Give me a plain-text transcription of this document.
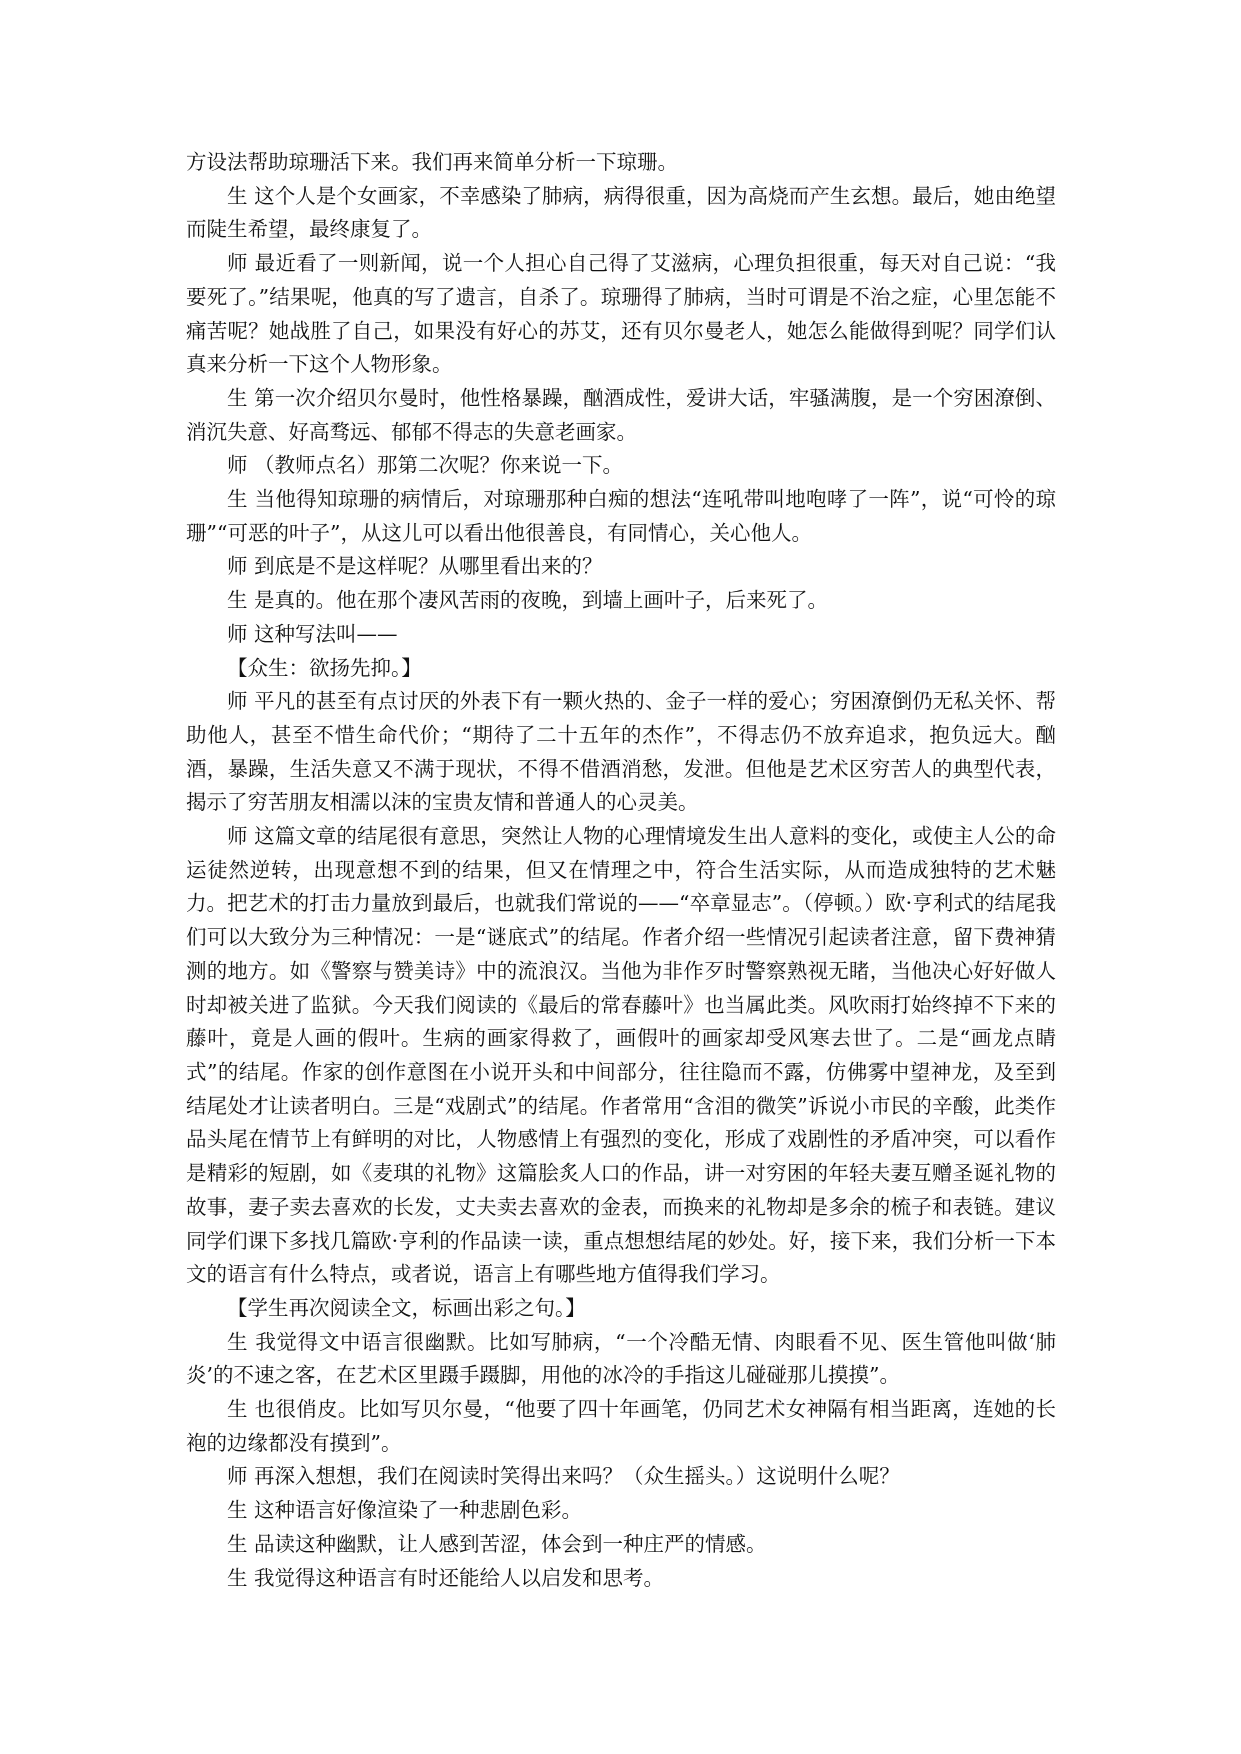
方设法帮助琼珊活下来。我们再来简单分析一下琼珊。

生 这个人是个女画家，不幸感染了肺病，病得很重，因为高烧而产生玄想。最后，她由绝望而陡生希望，最终康复了。

师 最近看了一则新闻，说一个人担心自己得了艾滋病，心理负担很重，每天对自己说：“我要死了。”结果呢，他真的写了遗言，自杀了。琼珊得了肺病，当时可谓是不治之症，心里怎能不痛苦呢？她战胜了自己，如果没有好心的苏艾，还有贝尔曼老人，她怎么能做得到呢？同学们认真来分析一下这个人物形象。

生 第一次介绍贝尔曼时，他性格暴躁，酗酒成性，爱讲大话，牢骚满腹，是一个穷困潦倒、消沉失意、好高骛远、郁郁不得志的失意老画家。

师 （教师点名）那第二次呢？你来说一下。

生 当他得知琼珊的病情后，对琼珊那种白痴的想法“连吼带叫地咆哮了一阵”，说“可怜的琼珊”“可恶的叶子”，从这儿可以看出他很善良，有同情心，关心他人。

师 到底是不是这样呢？从哪里看出来的？

生 是真的。他在那个凄风苦雨的夜晚，到墙上画叶子，后来死了。

师 这种写法叫——

【众生：欲扬先抑。】

师 平凡的甚至有点讨厌的外表下有一颗火热的、金子一样的爱心；穷困潦倒仍无私关怀、帮助他人，甚至不惜生命代价；“期待了二十五年的杰作”，不得志仍不放弃追求，抱负远大。酗酒，暴躁，生活失意又不满于现状，不得不借酒消愁，发泄。但他是艺术区穷苦人的典型代表，揭示了穷苦朋友相濡以沫的宝贵友情和普通人的心灵美。

师 这篇文章的结尾很有意思，突然让人物的心理情境发生出人意料的变化，或使主人公的命运徒然逆转，出现意想不到的结果，但又在情理之中，符合生活实际，从而造成独特的艺术魅力。把艺术的打击力量放到最后，也就我们常说的——“卒章显志”。（停顿。）欧·亨利式的结尾我们可以大致分为三种情况：一是“谜底式”的结尾。作者介绍一些情况引起读者注意，留下费神猜测的地方。如《警察与赞美诗》中的流浪汉。当他为非作歹时警察熟视无睹，当他决心好好做人时却被关进了监狱。今天我们阅读的《最后的常春藤叶》也当属此类。风吹雨打始终掉不下来的藤叶，竟是人画的假叶。生病的画家得救了，画假叶的画家却受风寒去世了。二是“画龙点睛式”的结尾。作家的创作意图在小说开头和中间部分，往往隐而不露，仿佛雾中望神龙，及至到结尾处才让读者明白。三是“戏剧式”的结尾。作者常用“含泪的微笑”诉说小市民的辛酸，此类作品头尾在情节上有鲜明的对比，人物感情上有强烈的变化，形成了戏剧性的矛盾冲突，可以看作是精彩的短剧，如《麦琪的礼物》这篇脍炙人口的作品，讲一对穷困的年轻夫妻互赠圣诞礼物的故事，妻子卖去喜欢的长发，丈夫卖去喜欢的金表，而换来的礼物却是多余的梳子和表链。建议同学们课下多找几篇欧·亨利的作品读一读，重点想想结尾的妙处。好，接下来，我们分析一下本文的语言有什么特点，或者说，语言上有哪些地方值得我们学习。

【学生再次阅读全文，标画出彩之句。】

生 我觉得文中语言很幽默。比如写肺病，“一个冷酷无情、肉眼看不见、医生管他叫做‘肺炎’的不速之客，在艺术区里蹑手蹑脚，用他的冰冷的手指这儿碰碰那儿摸摸”。

生 也很俏皮。比如写贝尔曼，“他要了四十年画笔，仍同艺术女神隔有相当距离，连她的长袍的边缘都没有摸到”。

师 再深入想想，我们在阅读时笑得出来吗？（众生摇头。）这说明什么呢？

生 这种语言好像渲染了一种悲剧色彩。

生 品读这种幽默，让人感到苦涩，体会到一种庄严的情感。

生 我觉得这种语言有时还能给人以启发和思考。
